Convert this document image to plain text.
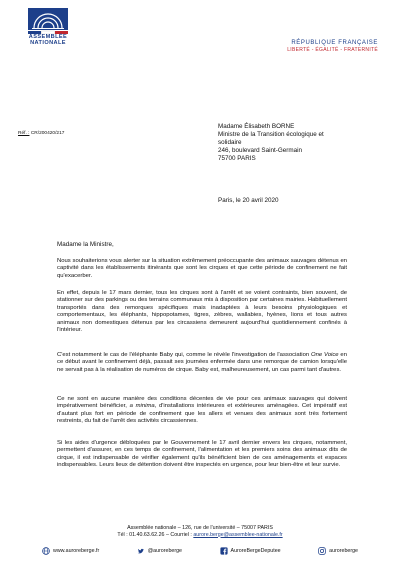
ASSEMBLÉE
NATIONALE	RÉPUBLIQUE FRANÇAISE
LIBERTÉ - ÉGALITÉ - FRATERNITÉ
Réf. : CR/200420/217
Madame Élisabeth BORNE
Ministre de la Transition écologique et
solidaire
246, boulevard Saint-Germain
75700 PARIS
Paris, le 20 avril 2020
Madame la Ministre,

Nous souhaiterions vous alerter sur la situation extrêmement préoccupante des animaux sauvages détenus en captivité dans les établissements itinérants que sont les cirques et que cette période de confinement ne fait qu'exacerber.

En effet, depuis le 17 mars dernier, tous les cirques sont à l'arrêt et se voient contraints, bien souvent, de stationner sur des parkings ou des terrains communaux mis à disposition par certaines mairies. Habituellement transportés dans des remorques spécifiques mais inadaptées à leurs besoins physiologiques et comportementaux, les éléphants, hippopotames, tigres, zèbres, wallabies, hyènes, lions et tous autres animaux non domestiques détenus par les circassiens demeurent aujourd'hui quotidiennement confinés à l'intérieur.

C'est notamment le cas de l'éléphante Baby qui, comme le révèle l'investigation de l'association One Voice en ce début avant le confinement déjà, passait ses journées enfermée dans une remorque de camion lorsqu'elle ne servait pas à la réalisation de numéros de cirque. Baby est, malheureusement, un cas parmi tant d'autres.

Ce ne sont en aucune manière des conditions décentes de vie pour ces animaux sauvages qui doivent impérativement bénéficier, a minima, d'installations intérieures et extérieures aménagées. Cet impératif est d'autant plus fort en période de confinement que les allers et venues des animaux sont très fortement restreints, du fait de l'arrêt des activités circassiennes.

Si les aides d'urgence débloquées par le Gouvernement le 17 avril dernier envers les cirques, notamment, permettent d'assurer, en ces temps de confinement, l'alimentation et les premiers soins des animaux dits de cirque, il est indispensable de vérifier également qu'ils bénéficient bien de ces aménagements et espaces indispensables. Leurs lieux de détention doivent être inspectés en urgence, pour leur bien-être et leur survie.

Assemblée nationale – 126, rue de l'université – 75007 PARIS
Tél : 01.40.63.62.26 – Courriel : aurore.berge@assemblee-nationale.fr
www.auroreberge.fr	@auroreberge	AuroreBergeDeputee	auroreberge
